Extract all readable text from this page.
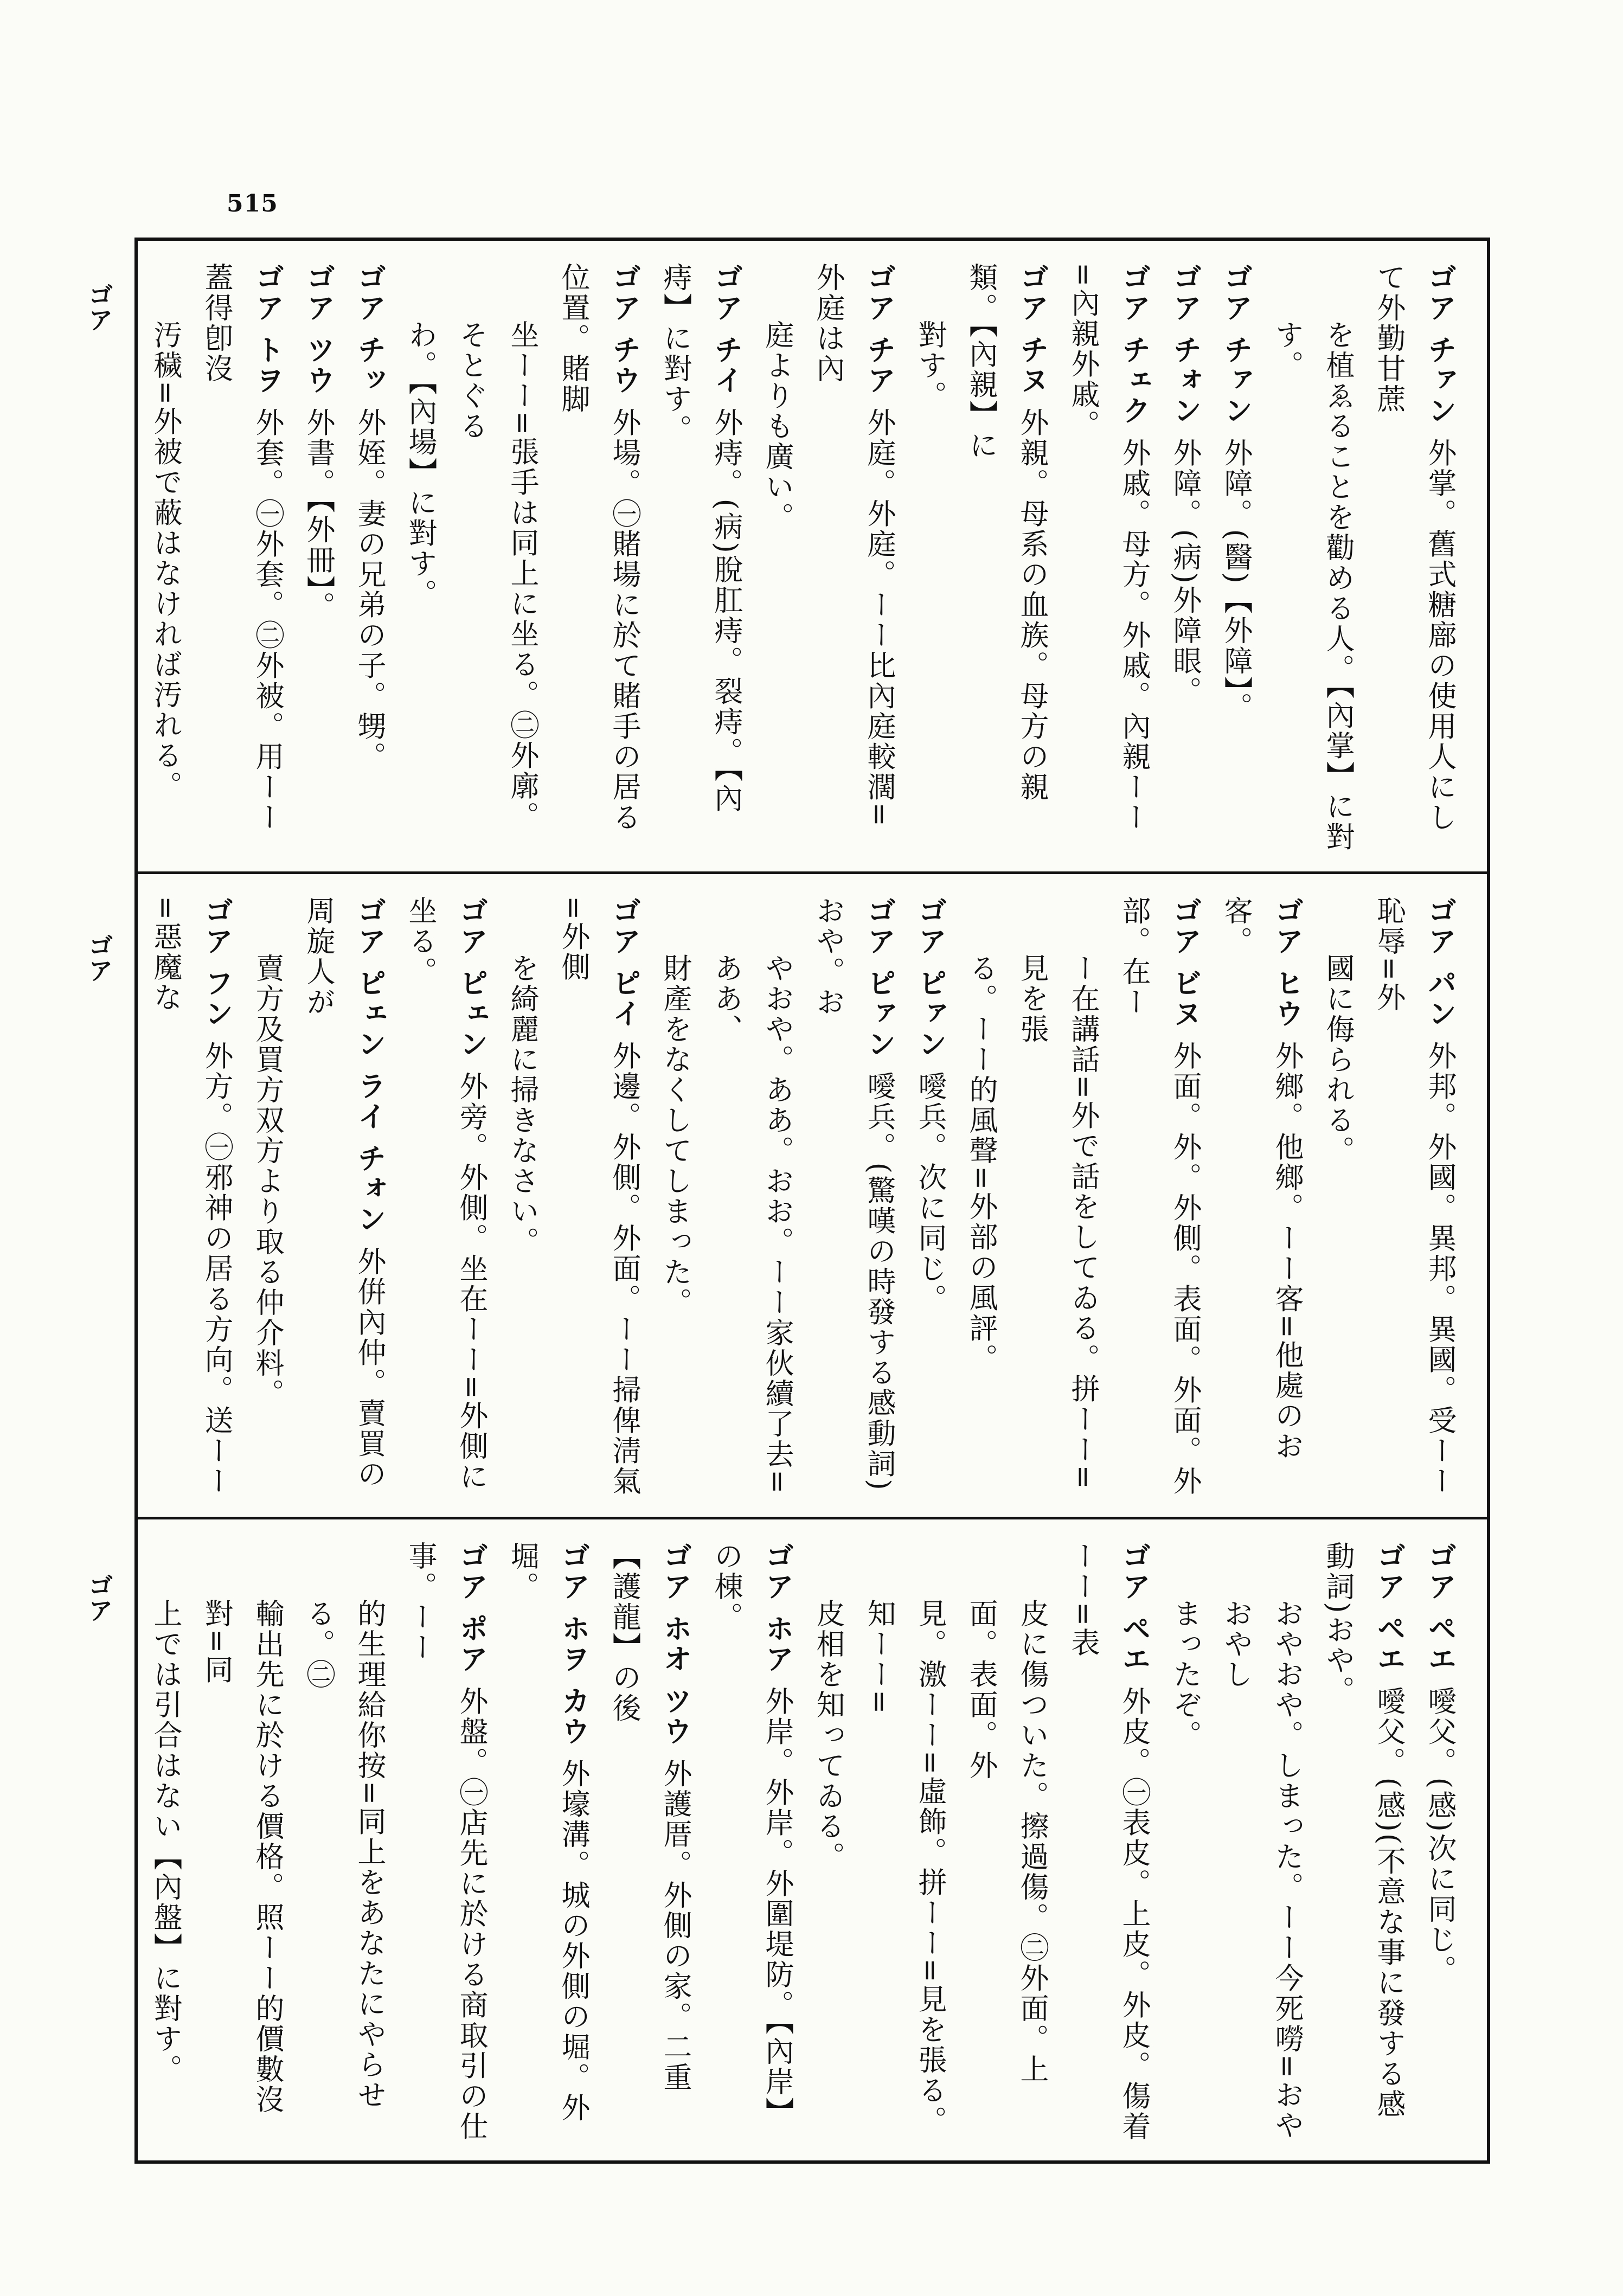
515
ゴア
ゴア
ゴア
ゴア チァン外掌。舊式糖廍の使用人にして外勤甘蔗
を植ゑることを勸める人。【內掌】に對す。
ゴア チァン外障。(醫)【外障】。
ゴア チォン外障。(病)外障眼。
ゴア チェク外戚。母方。外戚。內親ーー=內親外戚。
ゴア チヌ外親。母系の血族。母方の親類。【內親】に
對す。
ゴア チア外庭。外庭。ーー比內庭較濶=外庭は內
庭よりも廣い。
ゴア チイ外痔。(病)脫肛痔。裂痔。【內痔】に對す。
ゴア チウ外場。㊀賭場に於て賭手の居る位置。賭脚
坐ーー=張手は同上に坐る。㊁外廓。そとぐる
わ。【內場】に對す。
ゴア チッ外姪。妻の兄弟の子。甥。
ゴア ツウ外書。【外冊】。
ゴア トヲ外套。㊀外套。㊁外被。用ーー蓋得卽沒
汚穢=外被で蔽はなければ汚れる。
ゴア パン外邦。外國。異邦。異國。受ーー恥辱=外
國に侮られる。
ゴア ヒウ外鄉。他鄉。ーー客=他處のお客。
ゴア ビヌ外面。外。外側。表面。外面。外部。在ー
ー在講話=外で話をしてゐる。拼ーー=見を張
る。ーー的風聲=外部の風評。
ゴア ピァン噯兵。次に同じ。
ゴア ピァン噯兵。(驚嘆の時發する感動詞)おや。お
やおや。ああ。おお。ーー家伙續了去=ああ、
財產をなくしてしまった。
ゴア ピイ外邊。外側。外面。ーー掃俾淸氣=外側
を綺麗に掃きなさい。
ゴア ピェン外旁。外側。坐在ーー=外側に坐る。
ゴア ピェン ライ チォン外倂內仲。賣買の周旋人が
賣方及買方双方より取る仲介料。
ゴア フン外方。㊀邪神の居る方向。送ーー=惡魔な
ゴア ペエ噯父。(感)次に同じ。
ゴア ペエ噯父。(感)(不意な事に發する感動詞)おや。
おやおや。しまった。ーー今死嘮=おやおやし
まったぞ。
ゴア ペエ外皮。㊀表皮。上皮。外皮。傷着ーー=表
皮に傷ついた。擦過傷。㊁外面。上面。表面。外
見。激ーー=虛飾。拼ーー=見を張る。知ーー=
皮相を知ってゐる。
ゴア ホア外岸。外岸。外圍堤防。【內岸】の棟。
ゴア ホオ ツウ外護厝。外側の家。二重【護龍】の後
ゴア ホヲ カウ外壕溝。城の外側の堀。外堀。
ゴア ポア外盤。㊀店先に於ける商取引の仕事。ーー
的生理給你按=同上をあなたにやらせる。㊁
輸出先に於ける價格。照ーー的價數沒對=同
上では引合はない【內盤】に對す。
